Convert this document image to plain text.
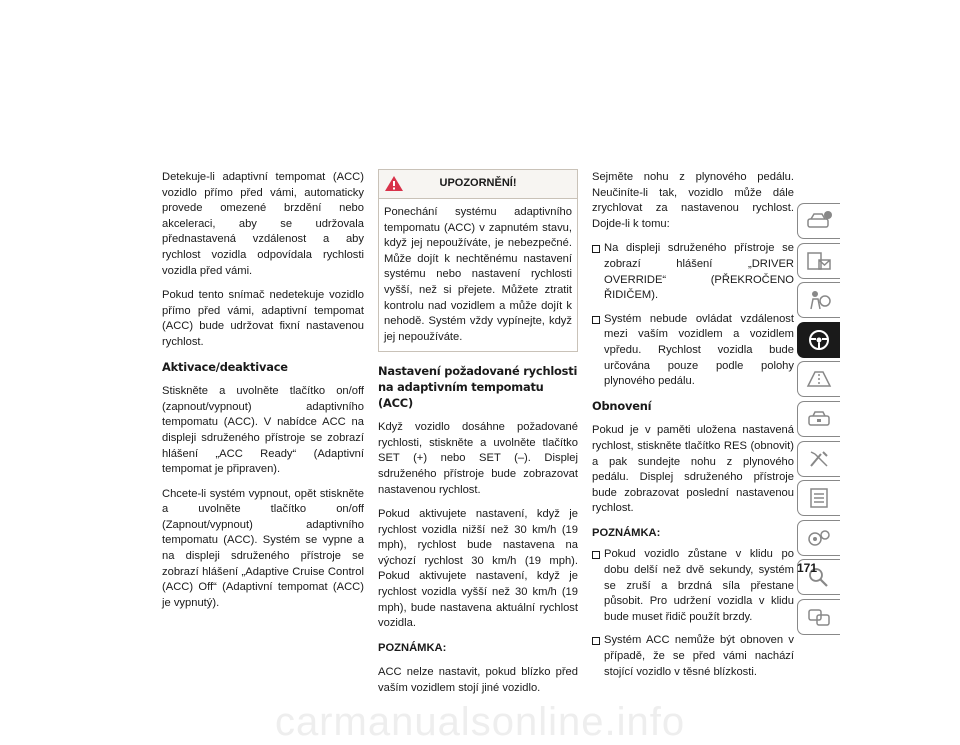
Detekuje-li adaptivní tempomat (ACC) vozidlo přímo před vámi, automaticky provede omezené brzdění nebo akceleraci, aby se udržovala přednastavená vzdálenost a aby rychlost vozidla odpovídala rychlosti vozidla před vámi.

Pokud tento snímač nedetekuje vozidlo přímo před vámi, adaptivní tempomat (ACC) bude udržovat fixní nastavenou rychlost.

Aktivace/deaktivace

Stiskněte a uvolněte tlačítko on/off (zapnout/vypnout) adaptivního tempomatu (ACC). V nabídce ACC na displeji sdruženého přístroje se zobrazí hlášení „ACC Ready“ (Adaptivní tempomat je připraven).

Chcete-li systém vypnout, opět stiskněte a uvolněte tlačítko on/off (Zapnout/vypnout) adaptivního tempomatu (ACC). Systém se vypne a na displeji sdruženého přístroje se zobrazí hlášení „Adaptive Cruise Control (ACC) Off“ (Adaptivní tempomat (ACC) je vypnutý).

UPOZORNĚNÍ!
Ponechání systému adaptivního tempomatu (ACC) v zapnutém stavu, když jej nepoužíváte, je nebezpečné. Může dojít k nechtěnému nastavení systému nebo nastavení rychlosti vyšší, než si přejete. Můžete ztratit kontrolu nad vozidlem a může dojít k nehodě. Systém vždy vypínejte, když jej nepoužíváte.
Nastavení požadované rychlosti na adaptivním tempomatu (ACC)

Když vozidlo dosáhne požadované rychlosti, stiskněte a uvolněte tlačítko SET (+) nebo SET (–). Displej sdruženého přístroje bude zobrazovat nastavenou rychlost.

Pokud aktivujete nastavení, když je rychlost vozidla nižší než 30 km/h (19 mph), rychlost bude nastavena na výchozí rychlost 30 km/h (19 mph). Pokud aktivujete nastavení, když je rychlost vozidla vyšší než 30 km/h (19 mph), bude nastavena aktuální rychlost vozidla.

POZNÁMKA:

ACC nelze nastavit, pokud blízko před vaším vozidlem stojí jiné vozidlo.

Sejměte nohu z plynového pedálu. Neučiníte-li tak, vozidlo může dále zrychlovat za nastavenou rychlost. Dojde-li k tomu:

Na displeji sdruženého přístroje se zobrazí hlášení „DRIVER OVERRIDE“ (PŘEKROČENO ŘIDIČEM).
Systém nebude ovládat vzdálenost mezi vaším vozidlem a vozidlem vpředu. Rychlost vozidla bude určována pouze podle polohy plynového pedálu.
Obnovení

Pokud je v paměti uložena nastavená rychlost, stiskněte tlačítko RES (obnovit) a pak sundejte nohu z plynového pedálu. Displej sdruženého přístroje bude zobrazovat poslední nastavenou rychlost.

POZNÁMKA:

Pokud vozidlo zůstane v klidu po dobu delší než dvě sekundy, systém se zruší a brzdná síla přestane působit. Pro udržení vozidla v klidu bude muset řidič použít brzdy.
Systém ACC nemůže být obnoven v případě, že se před vámi nachází stojící vozidlo v těsné blízkosti.
171
carmanualsonline.info
